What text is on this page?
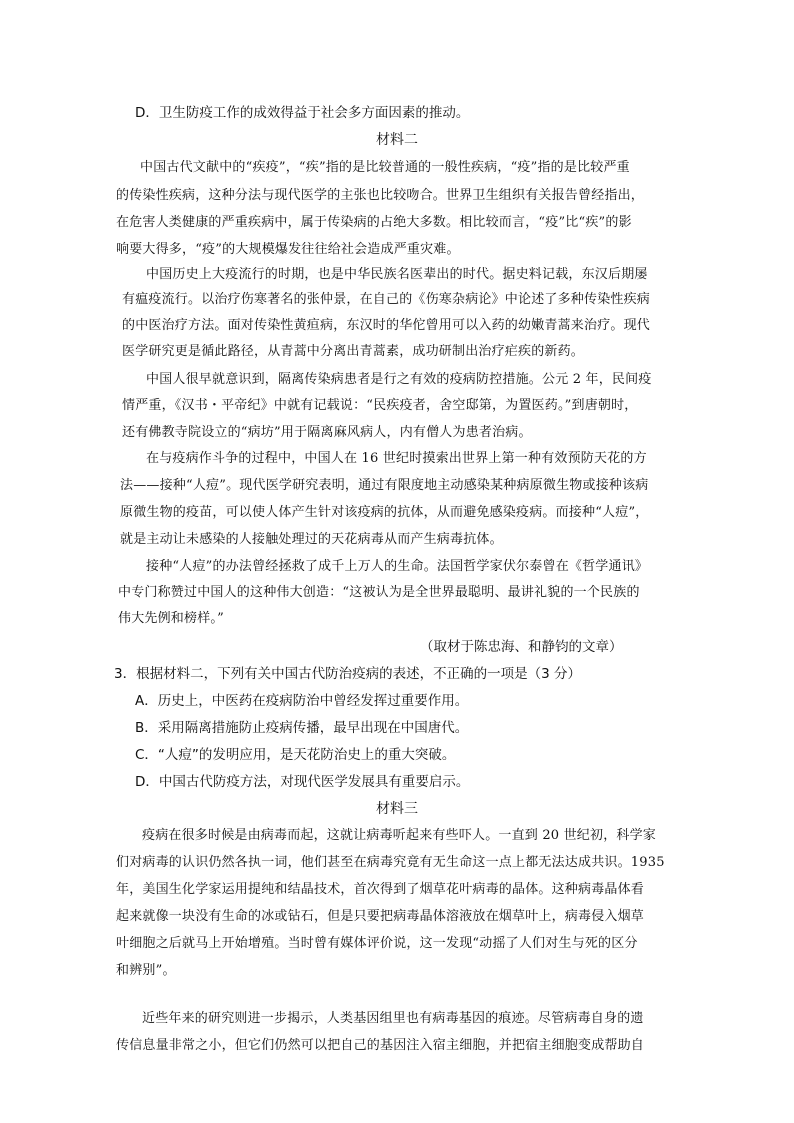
D．卫生防疫工作的成效得益于社会多方面因素的推动。
材料二
中国古代文献中的“疾疫”，“疾”指的是比较普通的一般性疾病，“疫”指的是比较严重
的传染性疾病，这种分法与现代医学的主张也比较吻合。世界卫生组织有关报告曾经指出，
在危害人类健康的严重疾病中，属于传染病的占绝大多数。相比较而言，“疫”比“疾”的影
响要大得多，“疫”的大规模爆发往往给社会造成严重灾难。
中国历史上大疫流行的时期，也是中华民族名医辈出的时代。据史料记载，东汉后期屡
有瘟疫流行。以治疗伤寒著名的张仲景，在自己的《伤寒杂病论》中论述了多种传染性疾病
的中医治疗方法。面对传染性黄疸病，东汉时的华佗曾用可以入药的幼嫩青蒿来治疗。现代
医学研究更是循此路径，从青蒿中分离出青蒿素，成功研制出治疗疟疾的新药。
中国人很早就意识到，隔离传染病患者是行之有效的疫病防控措施。公元 2 年，民间疫
情严重，《汉书・平帝纪》中就有记载说：“民疾疫者，舍空邸第，为置医药。”到唐朝时，
还有佛教寺院设立的“病坊”用于隔离麻风病人，内有僧人为患者治病。
在与疫病作斗争的过程中，中国人在 16 世纪时摸索出世界上第一种有效预防天花的方
法——接种“人痘”。现代医学研究表明，通过有限度地主动感染某种病原微生物或接种该病
原微生物的疫苗，可以使人体产生针对该疫病的抗体，从而避免感染疫病。而接种“人痘”，
就是主动让未感染的人接触处理过的天花病毒从而产生病毒抗体。
接种“人痘”的办法曾经拯救了成千上万人的生命。法国哲学家伏尔泰曾在《哲学通讯》
中专门称赞过中国人的这种伟大创造：“这被认为是全世界最聪明、最讲礼貌的一个民族的
伟大先例和榜样。”
（取材于陈忠海、和静钧的文章）
3．根据材料二，下列有关中国古代防治疫病的表述，不正确的一项是（3 分）
A．历史上，中医药在疫病防治中曾经发挥过重要作用。
B．采用隔离措施防止疫病传播，最早出现在中国唐代。
C．“人痘”的发明应用，是天花防治史上的重大突破。
D．中国古代防疫方法，对现代医学发展具有重要启示。
材料三
疫病在很多时候是由病毒而起，这就让病毒听起来有些吓人。一直到 20 世纪初，科学家
们对病毒的认识仍然各执一词，他们甚至在病毒究竟有无生命这一点上都无法达成共识。1935
年，美国生化学家运用提纯和结晶技术，首次得到了烟草花叶病毒的晶体。这种病毒晶体看
起来就像一块没有生命的冰或钻石，但是只要把病毒晶体溶液放在烟草叶上，病毒侵入烟草
叶细胞之后就马上开始增殖。当时曾有媒体评价说，这一发现“动摇了人们对生与死的区分
和辨别”。
近些年来的研究则进一步揭示，人类基因组里也有病毒基因的痕迹。尽管病毒自身的遗
传信息量非常之小，但它们仍然可以把自己的基因注入宿主细胞，并把宿主细胞变成帮助自
